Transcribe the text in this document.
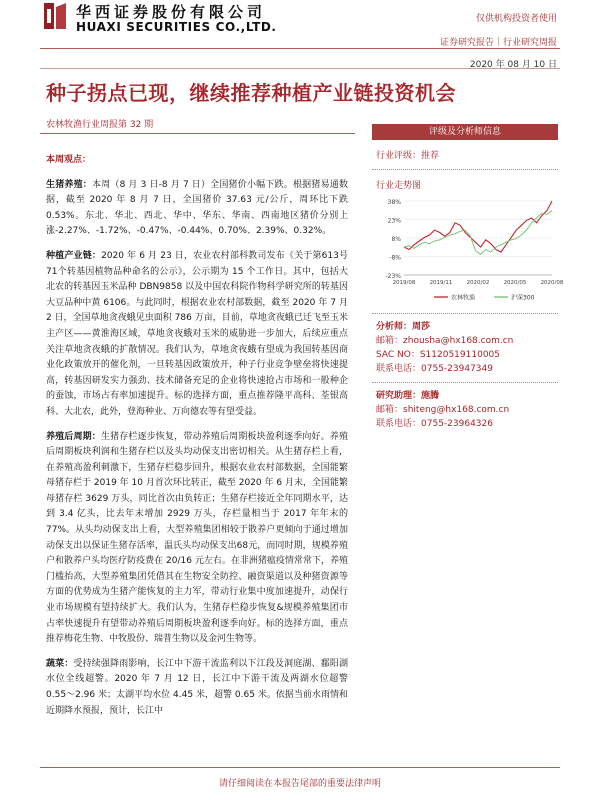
华西证券股份有限公司
HUAXI SECURITIES CO.,LTD.
仅供机构投资者使用
证券研究报告｜行业研究周报
2020 年 08 月 10 日
种子拐点已现，继续推荐种植产业链投资机会
农林牧渔行业周报第 32 期
本周观点：

生猪养殖：本周（8 月 3 日-8 月 7 日）全国猪价小幅下跌。根据猪易通数据，截至 2020 年 8 月 7 日，全国猪价 37.63 元/公斤，周环比下跌 0.53%。东北、华北、西北、华中、华东、华南、西南地区猪价分别上涨-2.27%、-1.72%、-0.47%、-0.44%、0.70%、2.39%、0.32%。

种植产业链：2020 年 6 月 23 日，农业农村部科教司发布《关于第613号71个转基因植物品种命名的公示》，公示期为 15 个工作日。其中，包括大北农的转基因玉米品种 DBN9858 以及中国农科院作物科学研究所的转基因大豆品种中黄 6106。与此同时，根据农业农村部数据，截至 2020 年 7 月 2 日，全国草地贪夜蛾见虫面积 786 万亩，目前，草地贪夜蛾已迁飞至玉米主产区——黄淮海区域，草地贪夜蛾对玉米的威胁进一步加大，后续应重点关注草地贪夜蛾的扩散情况。我们认为，草地贪夜蛾有望成为我国转基因商业化政策放开的催化剂，一旦转基因政策放开，种子行业竞争壁垒将快速提高，转基因研发实力强劲、技术储备充足的企业将快速抢占市场和一般种企的蚕蚀，市场占有率加速提升。标的选择方面，重点推荐隆平高科、荃银高科、大北农，此外，登海种业、万向德农等有望受益。

养殖后周期：生猪存栏逐步恢复，带动养殖后周期板块盈利逐季向好。养殖后周期板块利润和生猪存栏以及头均动保支出密切相关。从生猪存栏上看，在养殖高盈利刺激下，生猪存栏稳步回升，根据农业农村部数据，全国能繁母猪存栏于 2019 年 10 月首次环比转正，截至 2020 年 6 月末，全国能繁母猪存栏 3629 万头，同比首次由负转正；生猪存栏接近全年同期水平，达到 3.4 亿头，比去年末增加 2929 万头，存栏量相当于 2017 年年末的 77%。从头均动保支出上看，大型养殖集团相较于散养户更倾向于通过增加动保支出以保证生猪存活率，温氏头均动保支出68元，而同时期，规模养殖户和散养户头均医疗防疫费在 20/16 元左右。在非洲猪瘟疫情常常下，养殖门槛抬高，大型养殖集团凭借其在生物安全防控、融资渠道以及种猪资源等方面的优势成为生猪产能恢复的主力军，带动行业集中度加速提升，动保行业市场规模有望持续扩大。我们认为，生猪存栏稳步恢复&规模养殖集团市占率快速提升有望带动养殖后周期板块盈利逐季向好。标的选择方面，重点推荐梅花生物、中牧股份、瑞普生物以及金河生物等。

蔬菜：受持续强降雨影响，长江中下游干流监利以下江段及洞庭湖、鄱阳湖水位全线超警。2020 年 7 月 12 日，长江中下游干流及两湖水位超警 0.55～2.96 米；太湖平均水位 4.45 米，超警 0.65 米。依据当前水雨情和近期降水预报，预计，长江中

评级及分析师信息
行业评级：推荐
行业走势图
38%
23%
8%
-8%
-23%
2019/08	2019/11	2020/02	2020/05	2020/08
农林牧渔	沪深300
分析师：周莎
邮箱：zhousha@hx168.com.cn
SAC NO：S1120519110005
联系电话：0755-23947349
研究助理：施腾
邮箱：shiteng@hx168.com.cn
联系电话：0755-23964326
请仔细阅读在本报告尾部的重要法律声明
